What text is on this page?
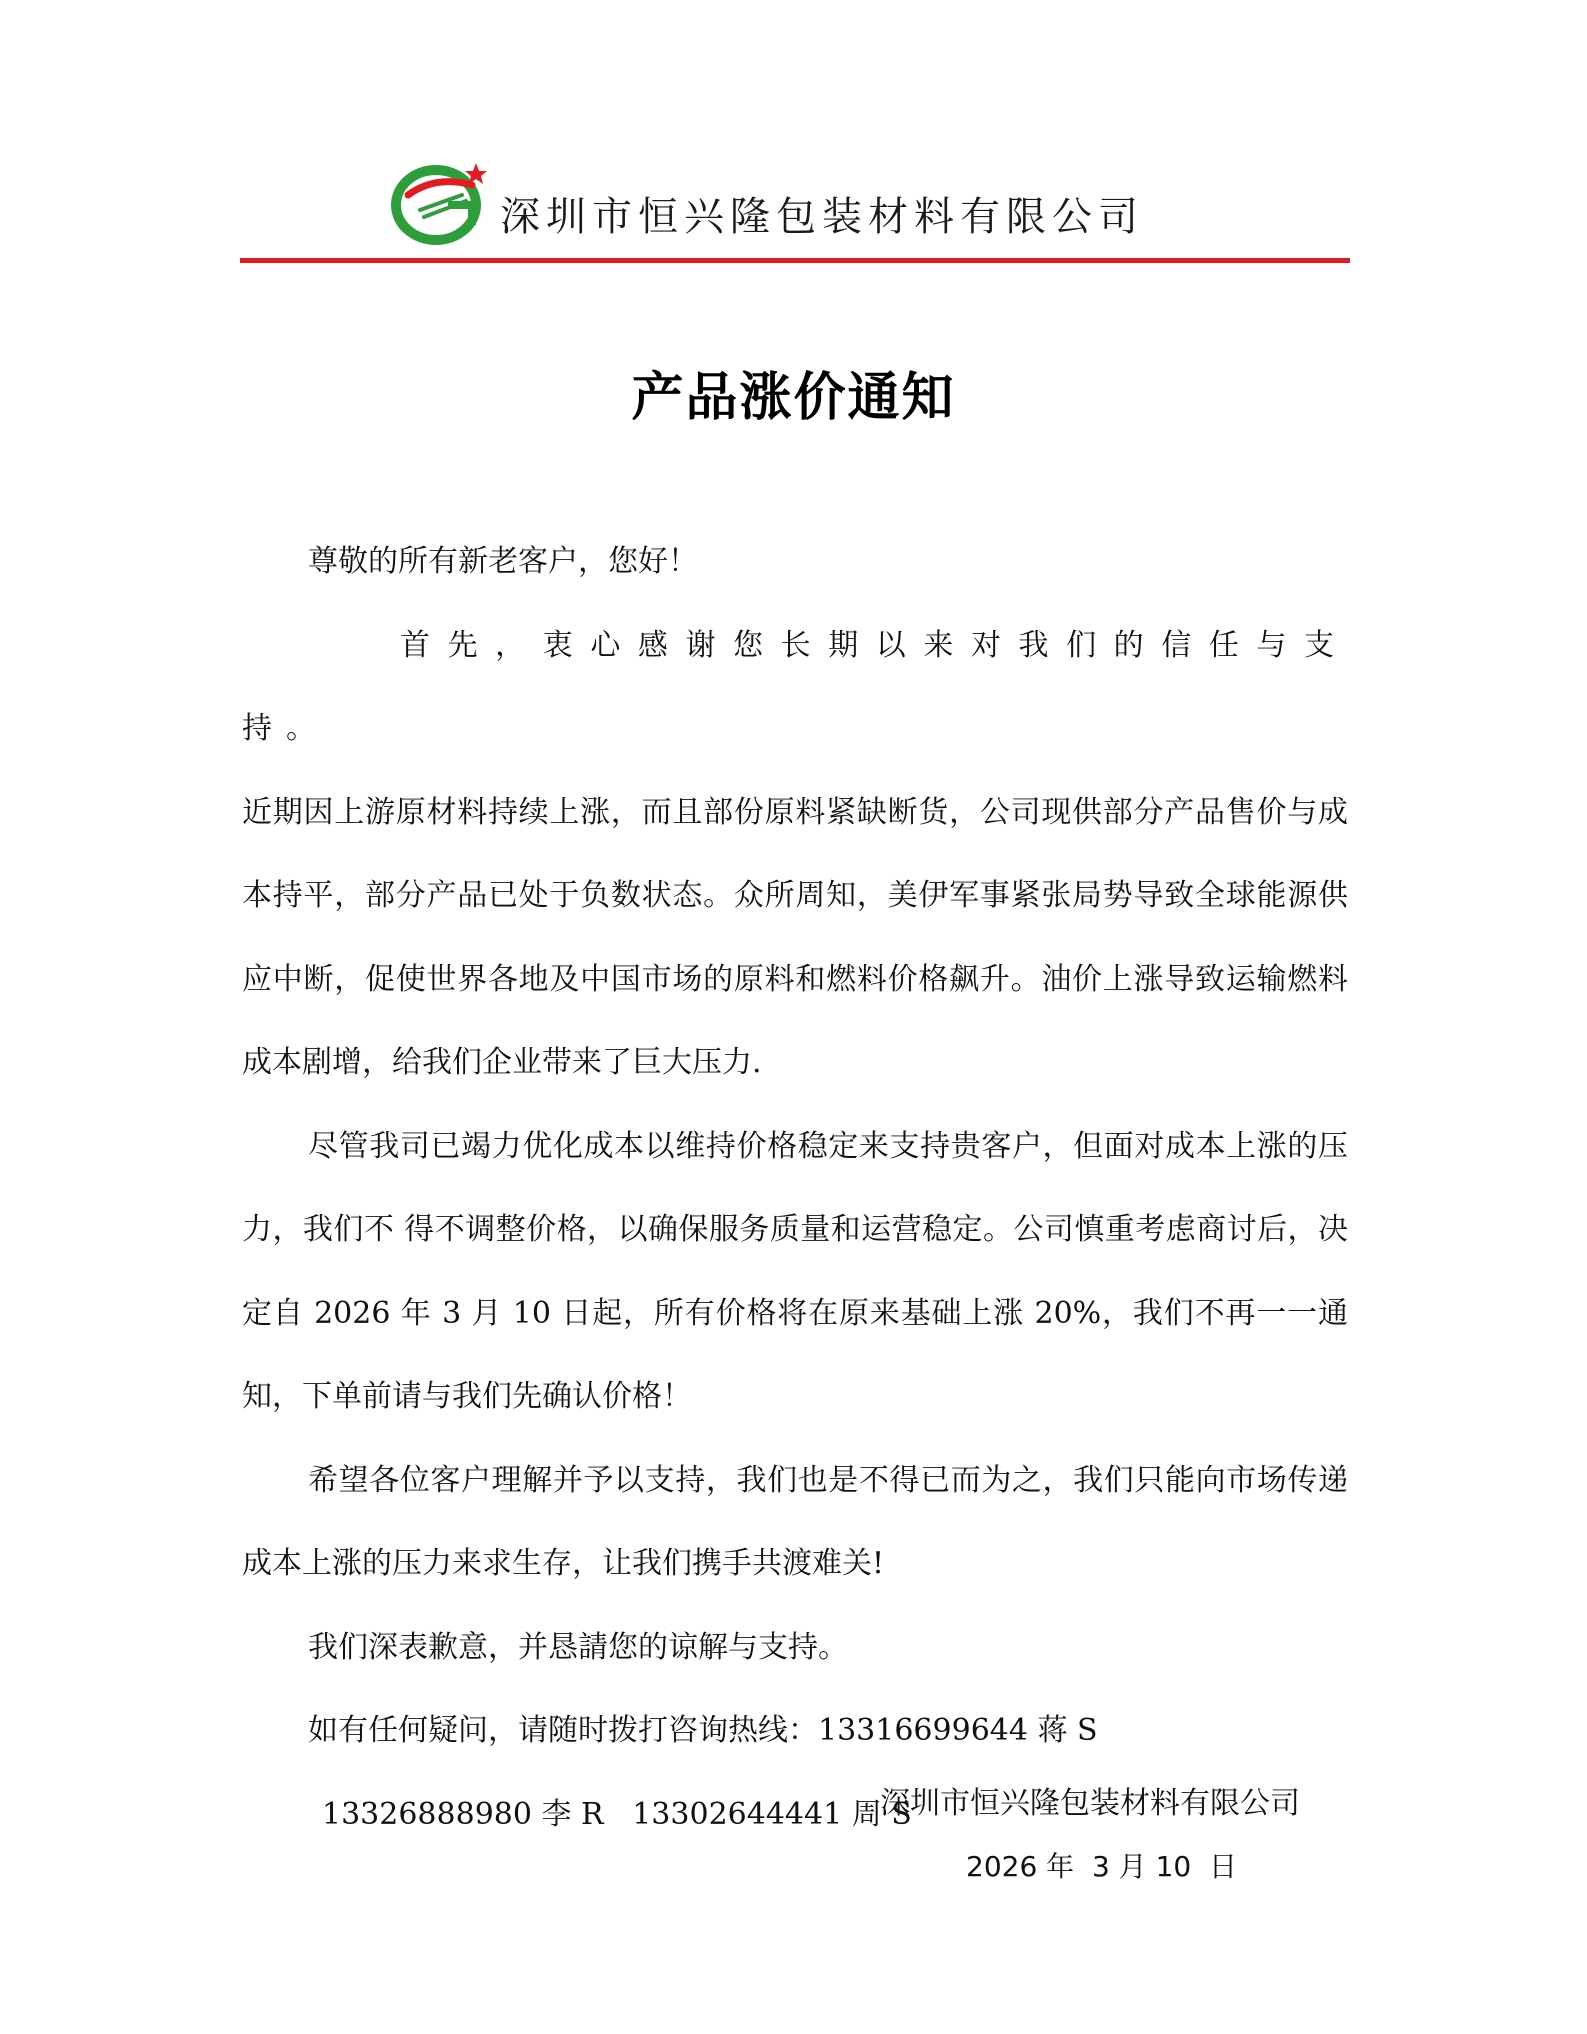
深圳市恒兴隆包装材料有限公司
产品涨价通知

尊敬的所有新老客户，您好！

首先，衷心感谢您长期以来对我们的信任与支持。

近期因上游原材料持续上涨，而且部份原料紧缺断货，公司现供部分产品售价与成本持平，部分产品已处于负数状态。众所周知，美伊军事紧张局势导致全球能源供应中断，促使世界各地及中国市场的原料和燃料价格飙升。油价上涨导致运输燃料成本剧增，给我们企业带来了巨大压力.

尽管我司已竭力优化成本以维持价格稳定来支持贵客户，但面对成本上涨的压力，我们不 得不调整价格，以确保服务质量和运营稳定。公司慎重考虑商讨后，决定自 2026 年 3 月 10 日起，所有价格将在原来基础上涨 20%，我们不再一一通知，下单前请与我们先确认价格！

希望各位客户理解并予以支持，我们也是不得已而为之，我们只能向市场传递成本上涨的压力来求生存，让我们携手共渡难关!

我们深表歉意，并恳請您的谅解与支持。

如有任何疑问，请随时拨打咨询热线：13316699644 蒋 S

13326888980 李 R   13302644441 周 S

深圳市恒兴隆包装材料有限公司
2026 年  3 月 10  日
